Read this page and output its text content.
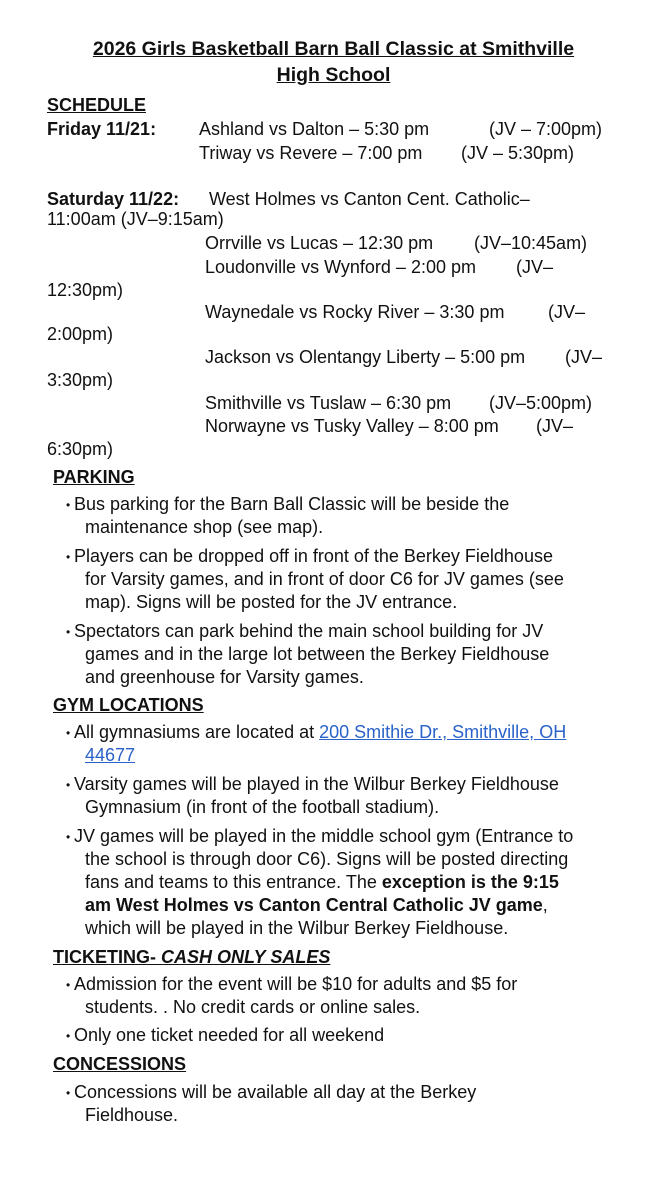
2026 Girls Basketball Barn Ball Classic at Smithville
High School
SCHEDULE
Friday 11/21: Ashland vs Dalton – 5:30 pm	(JV – 7:00pm)
Triway vs Revere – 7:00 pm (JV – 5:30pm)
Saturday 11/22: West Holmes vs Canton Cent. Catholic–
11:00am (JV–9:15am)
Orrville vs Lucas – 12:30 pm (JV–10:45am)
Loudonville vs Wynford – 2:00 pm (JV–
12:30pm)
Waynedale vs Rocky River – 3:30 pm (JV–
2:00pm)
Jackson vs Olentangy Liberty – 5:00 pm (JV–
3:30pm)
Smithville vs Tuslaw – 6:30 pm (JV–5:00pm)
Norwayne vs Tusky Valley – 8:00 pm (JV–
6:30pm)
PARKING
• Bus parking for the Barn Ball Classic will be beside the
maintenance shop (see map).
• Players can be dropped off in front of the Berkey Fieldhouse
for Varsity games, and in front of door C6 for JV games (see
map). Signs will be posted for the JV entrance.
• Spectators can park behind the main school building for JV
games and in the large lot between the Berkey Fieldhouse
and greenhouse for Varsity games.
GYM LOCATIONS
• All gymnasiums are located at 200 Smithie Dr., Smithville, OH
44677
• Varsity games will be played in the Wilbur Berkey Fieldhouse
Gymnasium (in front of the football stadium).
• JV games will be played in the middle school gym (Entrance to
the school is through door C6). Signs will be posted directing
fans and teams to this entrance. The exception is the 9:15
am West Holmes vs Canton Central Catholic JV game,
which will be played in the Wilbur Berkey Fieldhouse.
TICKETING- CASH ONLY SALES
• Admission for the event will be $10 for adults and $5 for
students. . No credit cards or online sales.
• Only one ticket needed for all weekend
CONCESSIONS
• Concessions will be available all day at the Berkey
Fieldhouse.
